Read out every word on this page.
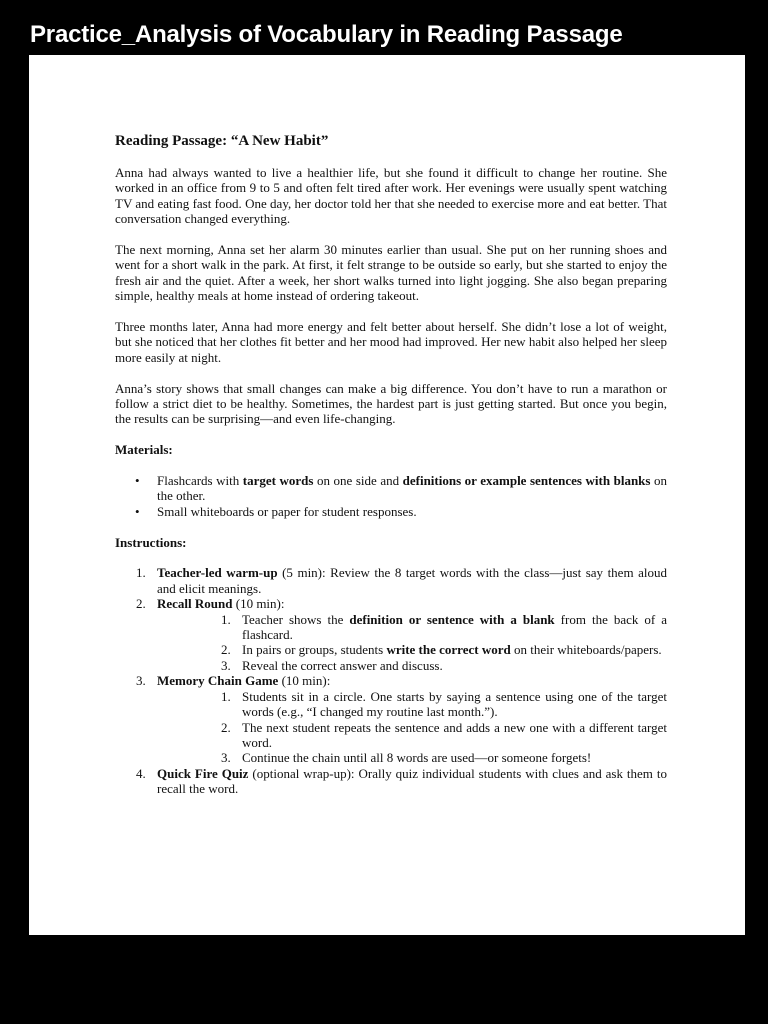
Practice_Analysis of Vocabulary in Reading Passage
Reading Passage: “A New Habit”

Anna had always wanted to live a healthier life, but she found it difficult to change her routine. She worked in an office from 9 to 5 and often felt tired after work. Her evenings were usually spent watching TV and eating fast food. One day, her doctor told her that she needed to exercise more and eat better. That conversation changed everything.

The next morning, Anna set her alarm 30 minutes earlier than usual. She put on her running shoes and went for a short walk in the park. At first, it felt strange to be outside so early, but she started to enjoy the fresh air and the quiet. After a week, her short walks turned into light jogging. She also began preparing simple, healthy meals at home instead of ordering takeout.

Three months later, Anna had more energy and felt better about herself. She didn’t lose a lot of weight, but she noticed that her clothes fit better and her mood had improved. Her new habit also helped her sleep more easily at night.

Anna’s story shows that small changes can make a big difference. You don’t have to run a marathon or follow a strict diet to be healthy. Sometimes, the hardest part is just getting started. But once you begin, the results can be surprising—and even life-changing.

Materials:
• Flashcards with target words on one side and definitions or example sentences with blanks on the other.
• Small whiteboards or paper for student responses.
Instructions:
1. Teacher-led warm-up (5 min): Review the 8 target words with the class—just say them aloud and elicit meanings.
2. Recall Round (10 min):
1. Teacher shows the definition or sentence with a blank from the back of a flashcard.
2. In pairs or groups, students write the correct word on their whiteboards/papers.
3. Reveal the correct answer and discuss.
3. Memory Chain Game (10 min):
1. Students sit in a circle. One starts by saying a sentence using one of the target words (e.g., “I changed my routine last month.”).
2. The next student repeats the sentence and adds a new one with a different target word.
3. Continue the chain until all 8 words are used—or someone forgets!
4. Quick Fire Quiz (optional wrap-up): Orally quiz individual students with clues and ask them to recall the word.
